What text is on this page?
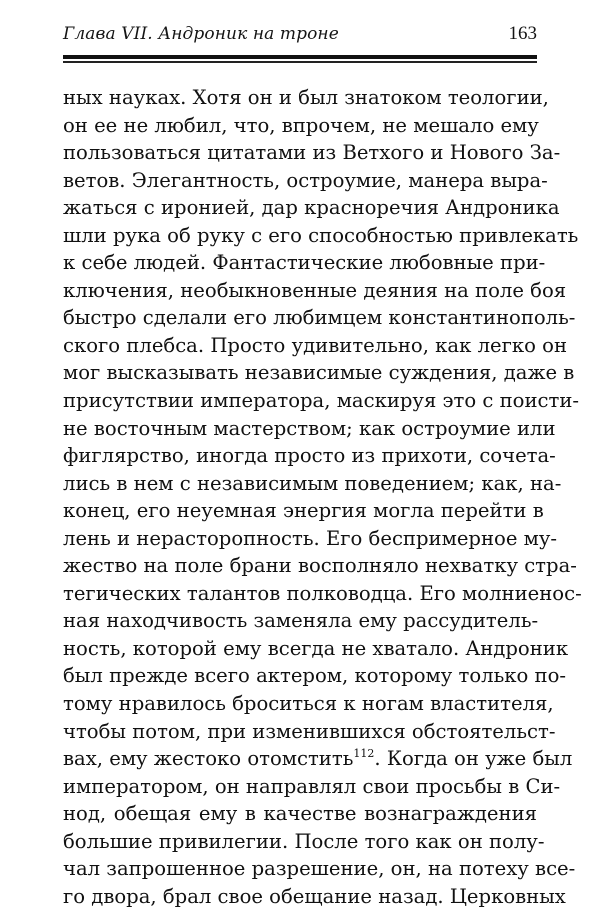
Глава VII. Андроник на троне	163
ных науках. Хотя он и был знатоком теологии,
он ее не любил, что, впрочем, не мешало ему
пользоваться цитатами из Ветхого и Нового За-
ветов. Элегантность, остроумие, манера выра-
жаться с иронией, дар красноречия Андроника
шли рука об руку с его способностью привлекать
к себе людей. Фантастические любовные при-
ключения, необыкновенные деяния на поле боя
быстро сделали его любимцем константинополь-
ского плебса. Просто удивительно, как легко он
мог высказывать независимые суждения, даже в
присутствии императора, маскируя это с поисти-
не восточным мастерством; как остроумие или
фиглярство, иногда просто из прихоти, сочета-
лись в нем с независимым поведением; как, на-
конец, его неуемная энергия могла перейти в
лень и нерасторопность. Его беспримерное му-
жество на поле брани восполняло нехватку стра-
тегических талантов полководца. Его молниенос-
ная находчивость заменяла ему рассудитель-
ность, которой ему всегда не хватало. Андроник
был прежде всего актером, которому только по-
тому нравилось броситься к ногам властителя,
чтобы потом, при изменившихся обстоятельст-
вах, ему жестоко отомстить$^{112}$. Когда он уже был
императором, он направлял свои просьбы в Си-
нод, обещая ему в качестве вознаграждения
большие привилегии. После того как он полу-
чал запрошенное разрешение, он, на потеху все-
го двора, брал свое обещание назад. Церковных
